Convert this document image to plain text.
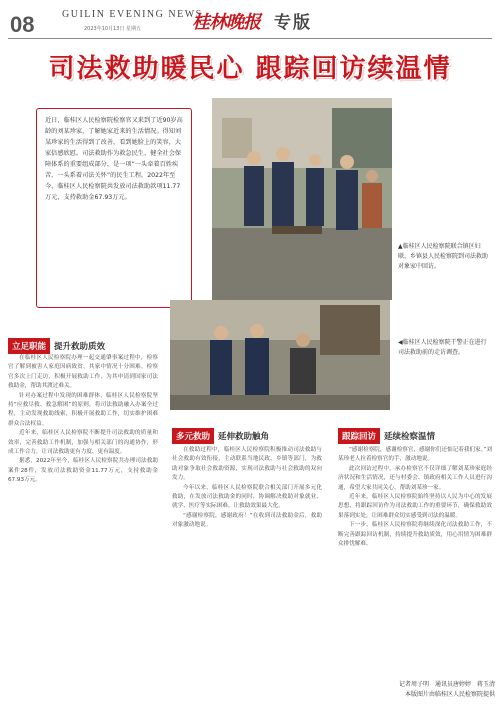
08	GUILIN EVENING NEWS
2023年10月13日 星期五	桂林晚报 专版
司法救助暖民心 跟踪回访续温情
近日，临桂区人民检察院检察官又来到了近90岁高龄的刘某珍家，了解她家近来的生活情况。得知刘某珍家的生活得到了改善，看到她脸上的笑容，大家倍感欣慰。司法救助作为救急民生、健全社会保障体系的重要组成部分，是一项“一头牵着百姓疾苦，一头系着司法关怀”的民生工程。2022年至今，临桂区人民检察院共发放司法救助款项11.77万元，支持救助金67.93万元。
▲临桂区人民检察院联合镇区妇联、乡镇县人民检察院到司法救助对象家中回访。
◀临桂区人民检察院干警正在进行司法救助前的走访调查。
立足职能 提升救助质效

在临桂区人民检察院办理一起交通肇事案过程中，检察官了解到被害人家庭因病致贫，其家中情况十分困难。检察官多次上门走访，积极开展救助工作，为其申请到国家司法救助金，帮助其渡过难关。

针对办案过程中发现的困难群体，临桂区人民检察院坚持“应救尽救、救急解困”的原则，将司法救助融入办案全过程，主动发现救助线索，积极开展救助工作，切实维护困难群众合法权益。

近年来，临桂区人民检察院不断提升司法救助的质量和效率，完善救助工作机制，加强与相关部门的沟通协作，形成工作合力，让司法救助更有力度、更有温度。

据悉，2022年至今，临桂区人民检察院共办理司法救助案件28件，发放司法救助资金11.77万元，支持救助金67.93万元。

多元救助 延伸救助触角

在救助过程中，临桂区人民检察院积极推动司法救助与社会救助有效衔接，主动联系当地民政、乡镇等部门，为救助对象争取社会救助资源，实现司法救助与社会救助的双向发力。

今年以来，临桂区人民检察院联合相关部门开展多元化救助，在发放司法救助金的同时，协调解决救助对象就业、就学、医疗等实际困难，让救助效果最大化。

“感谢检察院，感谢政府！”在收到司法救助金后，救助对象激动地说。

跟踪回访 延续检察温情

“感谢检察院，感谢检察官，感谢你们还惦记着我们家。”刘某珍老人拉着检察官的手，激动地说。

此次回访过程中，承办检察官不仅详细了解刘某珍家庭经济状况和生活情况，还与村委会、镇政府相关工作人员进行沟通，希望大家共同关心、帮助刘某珍一家。

近年来，临桂区人民检察院始终坚持以人民为中心的发展思想，将跟踪回访作为司法救助工作的重要环节，确保救助效果落到实处，让困难群众切实感受到司法的温暖。

下一步，临桂区人民检察院将继续深化司法救助工作，不断完善跟踪回访机制，持续提升救助质效，用心用情为困难群众排忧解难。

记者周子明　通讯员唐婷婷　蒋玉清
本版图片由临桂区人民检察院提供
